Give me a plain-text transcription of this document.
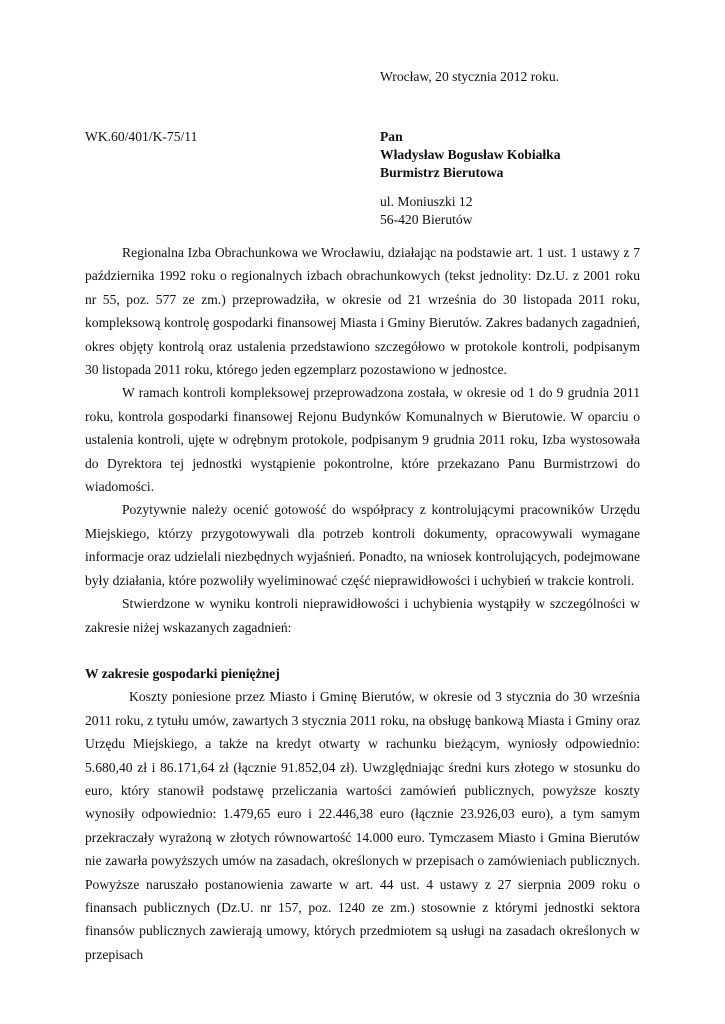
Wrocław, 20 stycznia 2012 roku.
WK.60/401/K-75/11	Pan
Władysław Bogusław Kobiałka
Burmistrz Bierutowa
ul. Moniuszki 12
56-420 Bierutów

Regionalna Izba Obrachunkowa we Wrocławiu, działając na podstawie art. 1 ust. 1 ustawy z 7 października 1992 roku o regionalnych izbach obrachunkowych (tekst jednolity: Dz.U. z 2001 roku nr 55, poz. 577 ze zm.) przeprowadziła, w okresie od 21 września do 30 listopada 2011 roku, kompleksową kontrolę gospodarki finansowej Miasta i Gminy Bierutów. Zakres badanych zagadnień, okres objęty kontrolą oraz ustalenia przedstawiono szczegółowo w protokole kontroli, podpisanym 30 listopada 2011 roku, którego jeden egzemplarz pozostawiono w jednostce.

W ramach kontroli kompleksowej przeprowadzona została, w okresie od 1 do 9 grudnia 2011 roku, kontrola gospodarki finansowej Rejonu Budynków Komunalnych w Bierutowie. W oparciu o ustalenia kontroli, ujęte w odrębnym protokole, podpisanym 9 grudnia 2011 roku, Izba wystosowała do Dyrektora tej jednostki wystąpienie pokontrolne, które przekazano Panu Burmistrzowi do wiadomości.

Pozytywnie należy ocenić gotowość do współpracy z kontrolującymi pracowników Urzędu Miejskiego, którzy przygotowywali dla potrzeb kontroli dokumenty, opracowywali wymagane informacje oraz udzielali niezbędnych wyjaśnień. Ponadto, na wniosek kontrolujących, podejmowane były działania, które pozwoliły wyeliminować część nieprawidłowości i uchybień w trakcie kontroli.

Stwierdzone w wyniku kontroli nieprawidłowości i uchybienia wystąpiły w szczególności w zakresie niżej wskazanych zagadnień:

W zakresie gospodarki pieniężnej

Koszty poniesione przez Miasto i Gminę Bierutów, w okresie od 3 stycznia do 30 września 2011 roku, z tytułu umów, zawartych 3 stycznia 2011 roku, na obsługę bankową Miasta i Gminy oraz Urzędu Miejskiego, a także na kredyt otwarty w rachunku bieżącym, wyniosły odpowiednio: 5.680,40 zł i 86.171,64 zł (łącznie 91.852,04 zł). Uwzględniając średni kurs złotego w stosunku do euro, który stanowił podstawę przeliczania wartości zamówień publicznych, powyższe koszty wynosiły odpowiednio: 1.479,65 euro i 22.446,38 euro (łącznie 23.926,03 euro), a tym samym przekraczały wyrażoną w złotych równowartość 14.000 euro. Tymczasem Miasto i Gmina Bierutów nie zawarła powyższych umów na zasadach, określonych w przepisach o zamówieniach publicznych. Powyższe naruszało postanowienia zawarte w art. 44 ust. 4 ustawy z 27 sierpnia 2009 roku o finansach publicznych (Dz.U. nr 157, poz. 1240 ze zm.) stosownie z którymi jednostki sektora finansów publicznych zawierają umowy, których przedmiotem są usługi na zasadach określonych w przepisach
